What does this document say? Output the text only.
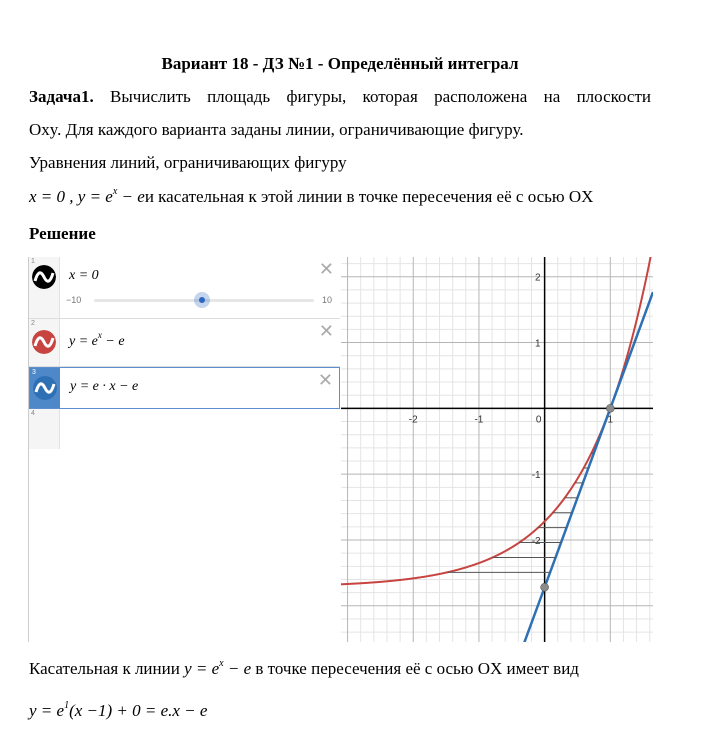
Вариант 18 - ДЗ №1 - Определённый интеграл
Задача1. Вычислить площадь фигуры, которая расположена на плоскости
Oxy. Для каждого варианта заданы линии, ограничивающие фигуру.
Уравнения линий, ограничивающих фигуру
x = 0 , $y = e^x$ − eи касательная к этой линии в точке пересечения её с осью OX
Решение
1
x = 0	✕
−10	10
2
$y = e^x - e$	✕
3
y = e · x − e	✕
4
-2	-1	0	1
2
1
-1
-2
Касательная к линии $y = e^x - e$ в точке пересечения её с осью OX имеет вид
$y = e^1(x -1) + 0 = e.x - e$
